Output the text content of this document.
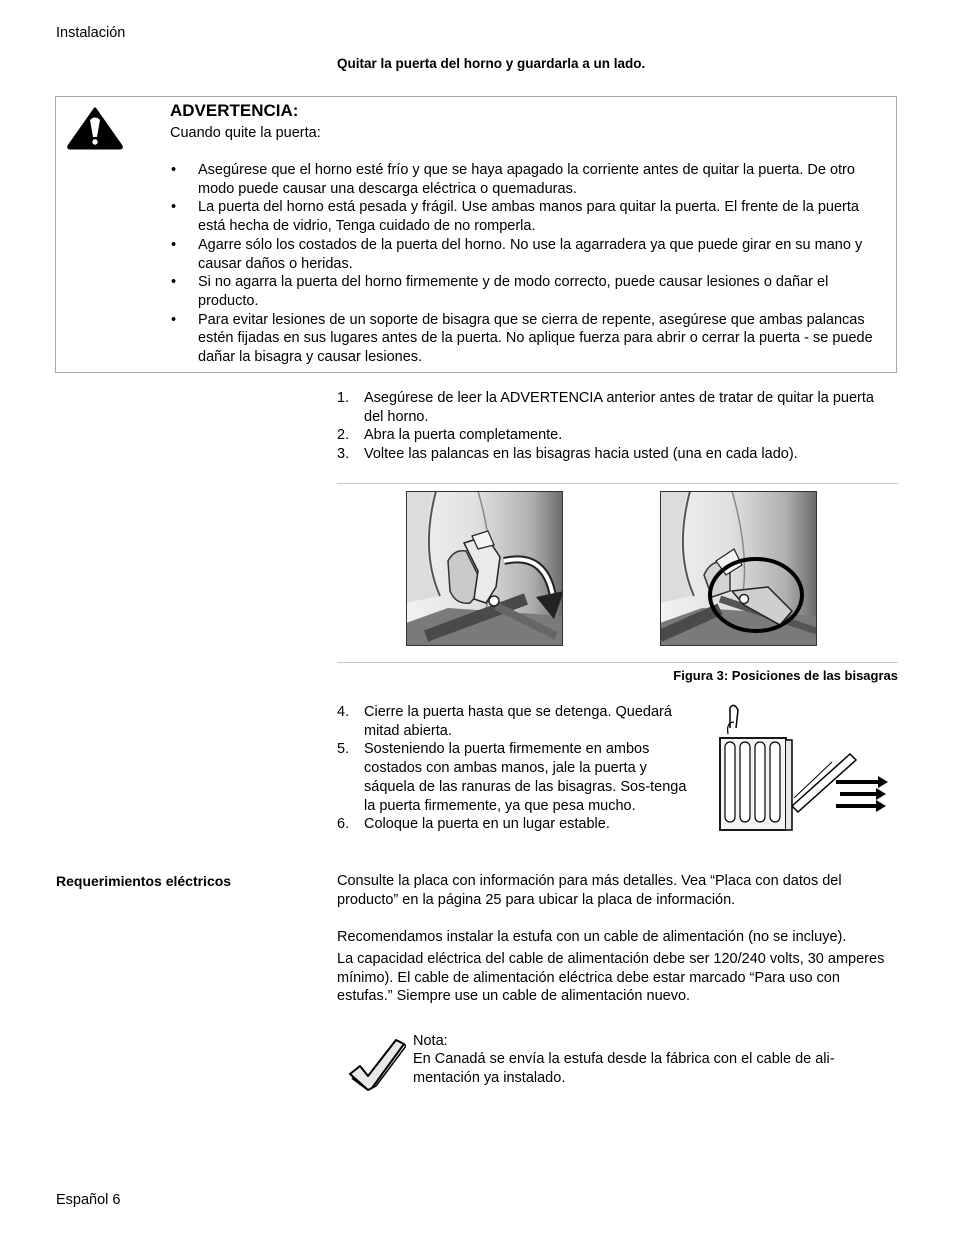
Instalación
Quitar la puerta del horno y guardarla a un lado.
ADVERTENCIA:
Cuando quite la puerta:
• Asegúrese que el horno esté frío y que se haya apagado la corriente antes de quitar la puerta. De otro modo puede causar una descarga eléctrica o quemaduras.
• La puerta del horno está pesada y frágil. Use ambas manos para quitar la puerta. El frente de la puerta está hecha de vidrio, Tenga cuidado de no romperla.
• Agarre sólo los costados de la puerta del horno. No use la agarradera ya que puede girar en su mano y causar daños o heridas.
• Si no agarra la puerta del horno firmemente y de modo correcto, puede causar lesiones o dañar el producto.
• Para evitar lesiones de un soporte de bisagra que se cierra de repente, asegúrese que ambas palancas estén fijadas en sus lugares antes de la puerta. No aplique fuerza para abrir o cerrar la puerta - se puede dañar la bisagra y causar lesiones.
1. Asegúrese de leer la ADVERTENCIA anterior antes de tratar de quitar la puerta del horno.
2. Abra la puerta completamente.
3. Voltee las palancas en las bisagras hacia usted (una en cada lado).
Figura 3: Posiciones de las bisagras
4. Cierre la puerta hasta que se detenga. Quedará mitad abierta.
5. Sosteniendo la puerta firmemente en ambos costados con ambas manos, jale la puerta y sáquela de las ranuras de las bisagras. Sos-tenga la puerta firmemente, ya que pesa mucho.
6. Coloque la puerta en un lugar estable.
Requerimientos eléctricos	Consulte la placa con información para más detalles. Vea “Placa con datos del producto” en la página 25 para ubicar la placa de información.
Recomendamos instalar la estufa con un cable de alimentación (no se incluye).
La capacidad eléctrica del cable de alimentación debe ser 120/240 volts, 30 amperes mínimo). El cable de alimentación eléctrica debe estar marcado “Para uso con estufas.” Siempre use un cable de alimentación nuevo.
Nota:
En Canadá se envía la estufa desde la fábrica con el cable de ali-mentación ya instalado.
Español 6
